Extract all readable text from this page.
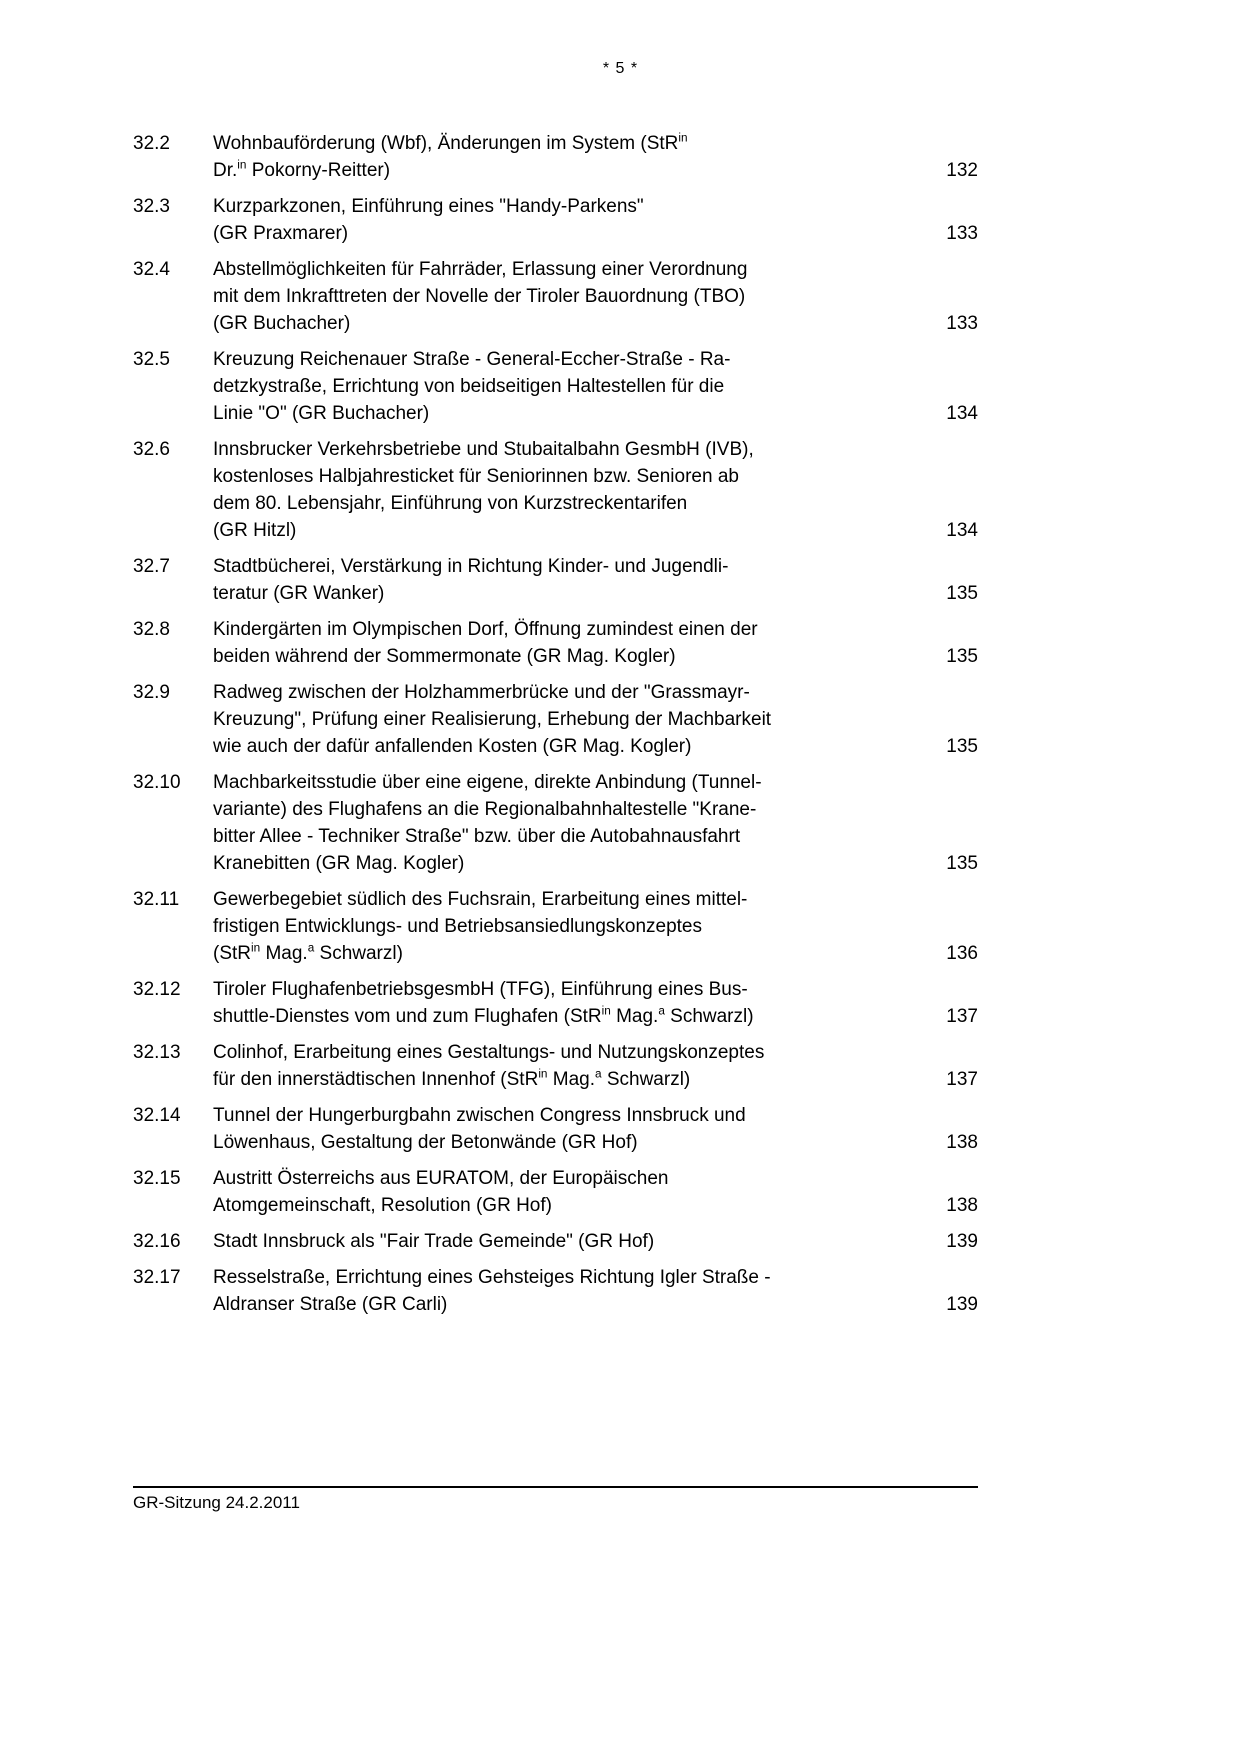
* 5 *
32.2	Wohnbauförderung (Wbf), Änderungen im System (StR$^{in}$
Dr.$^{in}$ Pokorny-Reitter)	132
32.3	Kurzparkzonen, Einführung eines "Handy-Parkens"
(GR Praxmarer)	133
32.4	Abstellmöglichkeiten für Fahrräder, Erlassung einer Verordnung
mit dem Inkrafttreten der Novelle der Tiroler Bauordnung (TBO)
(GR Buchacher)	133
32.5	Kreuzung Reichenauer Straße - General-Eccher-Straße - Ra-
detzkystraße, Errichtung von beidseitigen Haltestellen für die
Linie "O" (GR Buchacher)	134
32.6	Innsbrucker Verkehrsbetriebe und Stubaitalbahn GesmbH (IVB),
kostenloses Halbjahresticket für Seniorinnen bzw. Senioren ab
dem 80. Lebensjahr, Einführung von Kurzstreckentarifen
(GR Hitzl)	134
32.7	Stadtbücherei, Verstärkung in Richtung Kinder- und Jugendli-
teratur (GR Wanker)	135
32.8	Kindergärten im Olympischen Dorf, Öffnung zumindest einen der
beiden während der Sommermonate (GR Mag. Kogler)	135
32.9	Radweg zwischen der Holzhammerbrücke und der "Grassmayr-
Kreuzung", Prüfung einer Realisierung, Erhebung der Machbarkeit
wie auch der dafür anfallenden Kosten (GR Mag. Kogler)	135
32.10	Machbarkeitsstudie über eine eigene, direkte Anbindung (Tunnel-
variante) des Flughafens an die Regionalbahnhaltestelle "Krane-
bitter Allee - Techniker Straße" bzw. über die Autobahnausfahrt
Kranebitten (GR Mag. Kogler)	135
32.11	Gewerbegebiet südlich des Fuchsrain, Erarbeitung eines mittel-
fristigen Entwicklungs- und Betriebsansiedlungskonzeptes
(StR$^{in}$ Mag.$^a$ Schwarzl)	136
32.12	Tiroler FlughafenbetriebsgesmbH (TFG), Einführung eines Bus-
shuttle-Dienstes vom und zum Flughafen (StR$^{in}$ Mag.$^a$ Schwarzl)	137
32.13	Colinhof, Erarbeitung eines Gestaltungs- und Nutzungskonzeptes
für den innerstädtischen Innenhof (StR$^{in}$ Mag.$^a$ Schwarzl)	137
32.14	Tunnel der Hungerburgbahn zwischen Congress Innsbruck und
Löwenhaus, Gestaltung der Betonwände (GR Hof)	138
32.15	Austritt Österreichs aus EURATOM, der Europäischen
Atomgemeinschaft, Resolution (GR Hof)	138
32.16	Stadt Innsbruck als "Fair Trade Gemeinde" (GR Hof)	139
32.17	Resselstraße, Errichtung eines Gehsteiges Richtung Igler Straße -
Aldranser Straße (GR Carli)	139
GR-Sitzung 24.2.2011
